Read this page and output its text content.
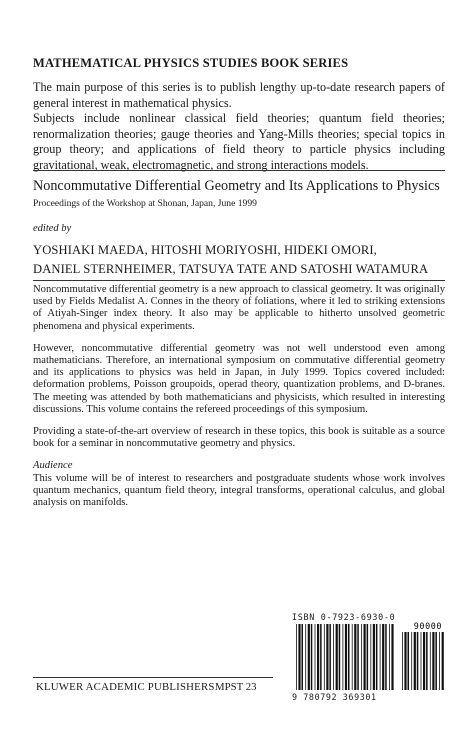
MATHEMATICAL PHYSICS STUDIES BOOK SERIES

The main purpose of this series is to publish lengthy up-to-date research papers of general interest in mathematical physics.

Subjects include nonlinear classical field theories; quantum field theories; renormalization theories; gauge theories and Yang-Mills theories; special topics in group theory; and applications of field theory to particle physics including gravitational, weak, electromagnetic, and strong interactions models.

Noncommutative Differential Geometry and Its Applications to Physics
Proceedings of the Workshop at Shonan, Japan, June 1999
edited by
YOSHIAKI MAEDA, HITOSHI MORIYOSHI, HIDEKI OMORI,
DANIEL STERNHEIMER, TATSUYA TATE AND SATOSHI WATAMURA

Noncommutative differential geometry is a new approach to classical geometry. It was originally used by Fields Medalist A. Connes in the theory of foliations, where it led to striking extensions of Atiyah-Singer index theory. It also may be applicable to hitherto unsolved geometric phenomena and physical experiments.

However, noncommutative differential geometry was not well understood even among mathematicians. Therefore, an international symposium on commutative differential geometry and its applications to physics was held in Japan, in July 1999. Topics covered included: deformation problems, Poisson groupoids, operad theory, quantization problems, and D-branes. The meeting was attended by both mathematicians and physicists, which resulted in interesting discussions. This volume contains the refereed proceedings of this symposium.

Providing a state-of-the-art overview of research in these topics, this book is suitable as a source book for a seminar in noncommutative geometry and physics.

Audience

This volume will be of interest to researchers and postgraduate students whose work involves quantum mechanics, quantum field theory, integral transforms, operational calculus, and global analysis on manifolds.

ISBN 0-7923-6930-0
90000
9 780792 369301
KLUWER ACADEMIC PUBLISHERS MPST 23
